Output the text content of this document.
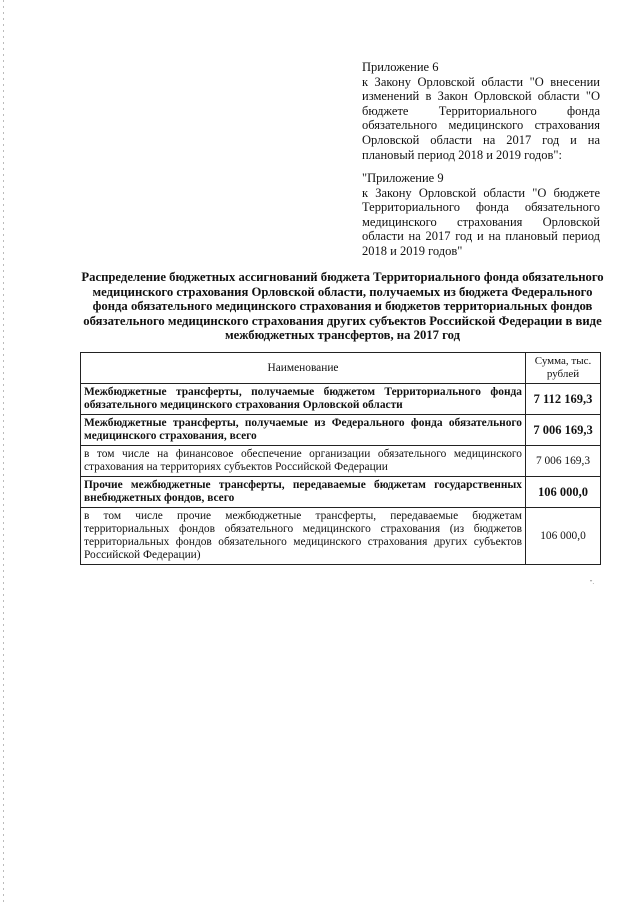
Приложение 6

к Закону Орловской области "О внесении изменений в Закон Орловской области "О бюджете Территориального фонда обязательного медицинского страхования Орловской области на 2017 год и на плановый период 2018 и 2019 годов":

"Приложение 9

к Закону Орловской области "О бюджете Территориального фонда обязательного медицинского страхования Орловской области на 2017 год и на плановый период 2018 и 2019 годов"

Распределение бюджетных ассигнований бюджета Территориального фонда обязательного медицинского страхования Орловской области, получаемых из бюджета Федерального фонда обязательного медицинского страхования и бюджетов территориальных фондов обязательного медицинского страхования других субъектов Российской Федерации в виде межбюджетных трансфертов, на 2017 год
Наименование	Сумма, тыс. рублей
Межбюджетные трансферты, получаемые бюджетом Территориального фонда обязательного медицинского страхования Орловской области	7 112 169,3
Межбюджетные трансферты, получаемые из Федерального фонда обязательного медицинского страхования, всего	7 006 169,3
в том числе на финансовое обеспечение организации обязательного медицинского страхования на территориях субъектов Российской Федерации	7 006 169,3
Прочие межбюджетные трансферты, передаваемые бюджетам государственных внебюджетных фондов, всего	106 000,0
в том числе прочие межбюджетные трансферты, передаваемые бюджетам территориальных фондов обязательного медицинского страхования (из бюджетов территориальных фондов обязательного медицинского страхования других субъектов Российской Федерации)	106 000,0
".
